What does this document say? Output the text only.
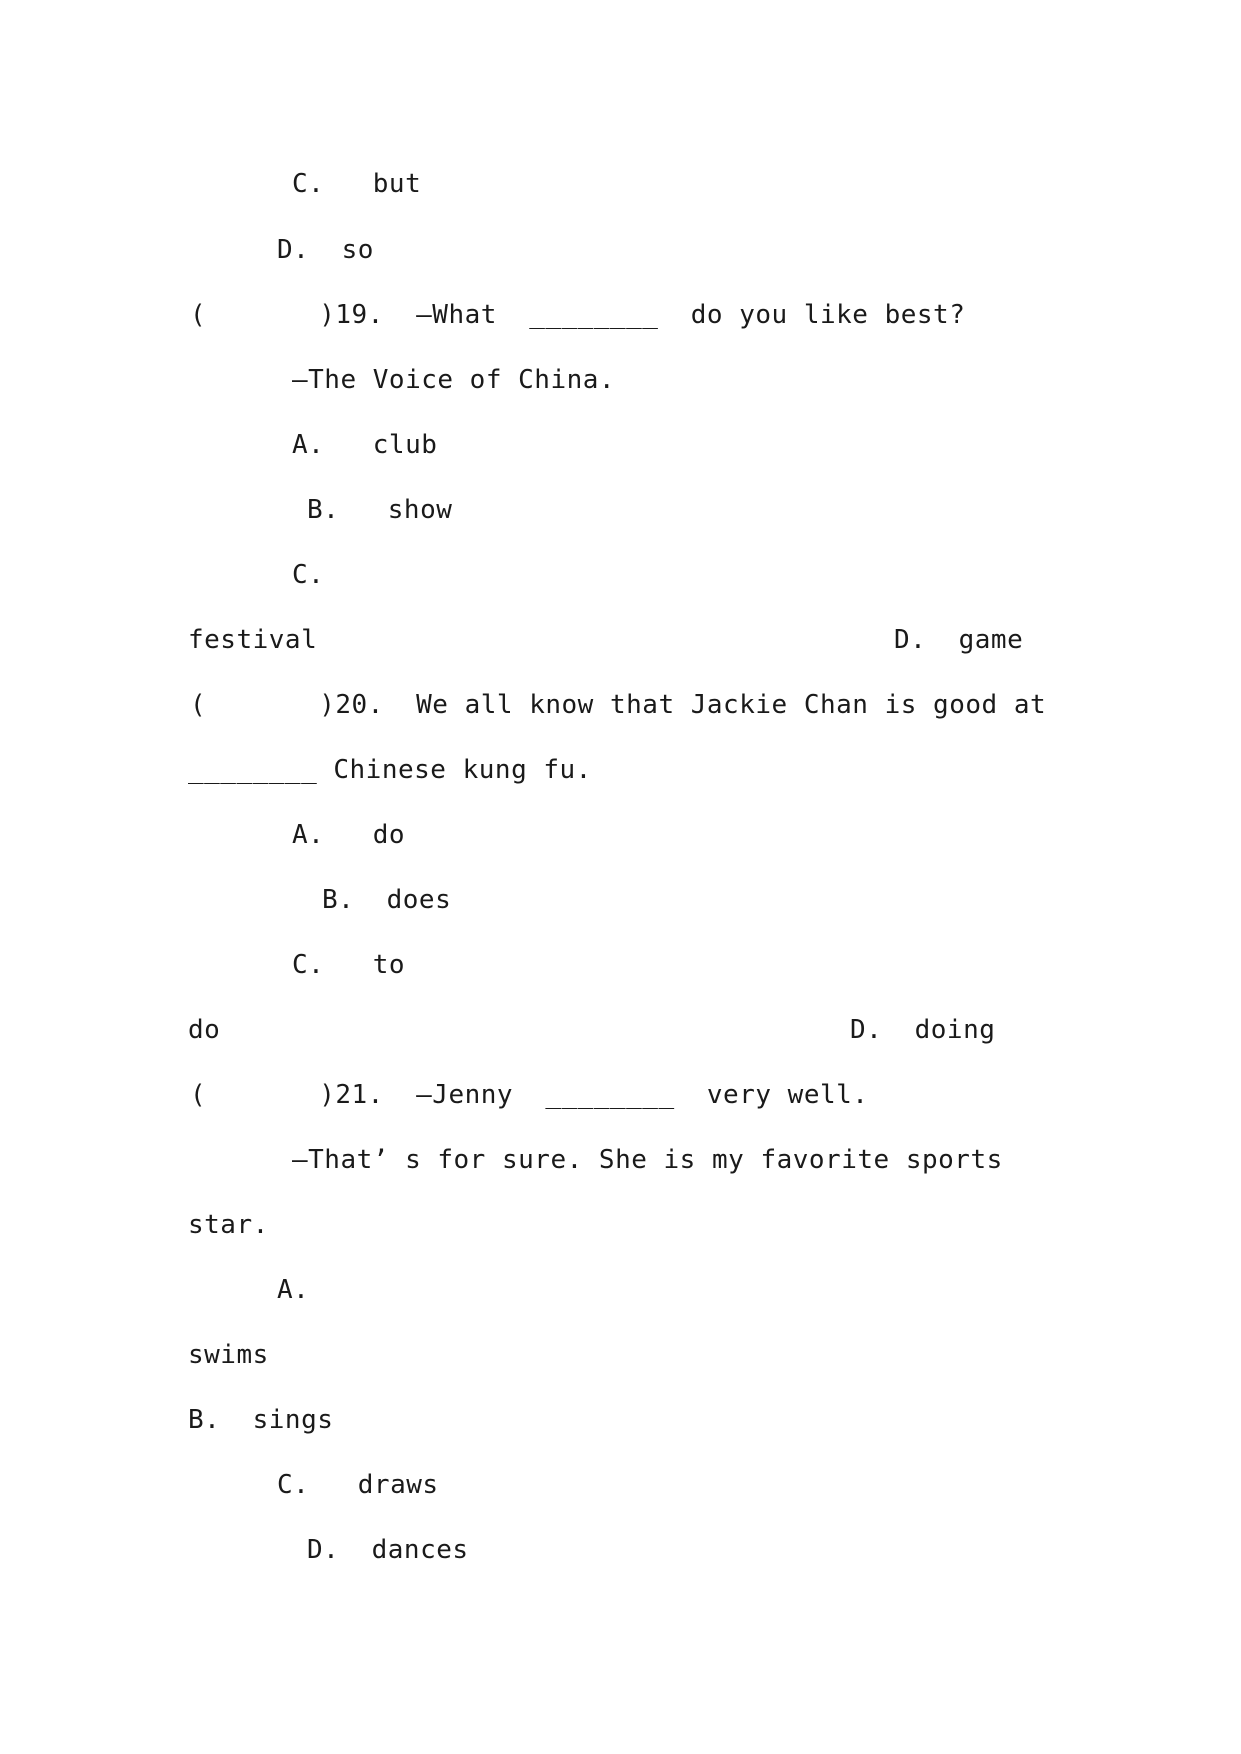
C.   but
D.  so
(       )19.  —What  ________  do you like best?
—The Voice of China.
A.   club
B.   show
C.
festival	D.  game
(       )20.  We all know that Jackie Chan is good at
________ Chinese kung fu.
A.   do
B.  does
C.   to
do	D.  doing
(       )21.  —Jenny  ________  very well.
—That’ s for sure. She is my favorite sports
star.
A.
swims
B.  sings
C.   draws
D.  dances
